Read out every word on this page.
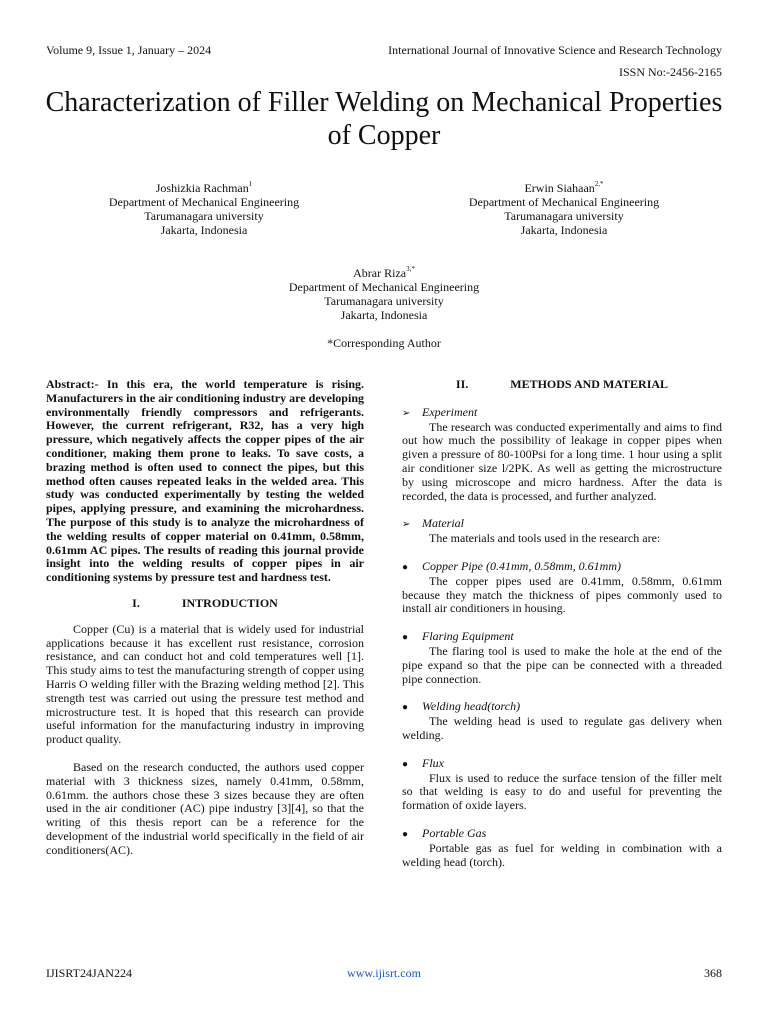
Volume 9, Issue 1, January – 2024	International Journal of Innovative Science and Research Technology
ISSN No:-2456-2165
Characterization of Filler Welding on Mechanical Properties of Copper
Joshizkia Rachman$^1$
Department of Mechanical Engineering
Tarumanagara university
Jakarta, Indonesia
Erwin Siahaan$^{2,*}$
Department of Mechanical Engineering
Tarumanagara university
Jakarta, Indonesia
Abrar Riza$^{3,*}$
Department of Mechanical Engineering
Tarumanagara university
Jakarta, Indonesia
*Corresponding Author

Abstract:- In this era, the world temperature is rising. Manufacturers in the air conditioning industry are developing environmentally friendly compressors and refrigerants. However, the current refrigerant, R32, has a very high pressure, which negatively affects the copper pipes of the air conditioner, making them prone to leaks. To save costs, a brazing method is often used to connect the pipes, but this method often causes repeated leaks in the welded area. This study was conducted experimentally by testing the welded pipes, applying pressure, and examining the microhardness. The purpose of this study is to analyze the microhardness of the welding results of copper material on 0.41mm, 0.58mm, 0.61mm AC pipes. The results of reading this journal provide insight into the welding results of copper pipes in air conditioning systems by pressure test and hardness test.

I.	INTRODUCTION

Copper (Cu) is a material that is widely used for industrial applications because it has excellent rust resistance, corrosion resistance, and can conduct hot and cold temperatures well [1]. This study aims to test the manufacturing strength of copper using Harris O welding filler with the Brazing welding method [2]. This strength test was carried out using the pressure test method and microstructure test. It is hoped that this research can provide useful information for the manufacturing industry in improving product quality.

Based on the research conducted, the authors used copper material with 3 thickness sizes, namely 0.41mm, 0.58mm, 0.61mm. the authors chose these 3 sizes because they are often used in the air conditioner (AC) pipe industry [3][4], so that the writing of this thesis report can be a reference for the development of the industrial world specifically in the field of air conditioners(AC).

II.	METHODS AND MATERIAL
➢ Experiment

The research was conducted experimentally and aims to find out how much the possibility of leakage in copper pipes when given a pressure of 80-100Psi for a long time. 1 hour using a split air conditioner size l/2PK. As well as getting the microstructure by using microscope and micro hardness. After the data is recorded, the data is processed, and further analyzed.

➢ Material

The materials and tools used in the research are:

●	Copper Pipe (0.41mm, 0.58mm, 0.61mm)

The copper pipes used are 0.41mm, 0.58mm, 0.61mm because they match the thickness of pipes commonly used to install air conditioners in housing.

●	Flaring Equipment

The flaring tool is used to make the hole at the end of the pipe expand so that the pipe can be connected with a threaded pipe connection.

●	Welding head(torch)

The welding head is used to regulate gas delivery when welding.

●	Flux

Flux is used to reduce the surface tension of the filler melt so that welding is easy to do and useful for preventing the formation of oxide layers.

●	Portable Gas

Portable gas as fuel for welding in combination with a welding head (torch).

IJISRT24JAN224	www.ijisrt.com	368
